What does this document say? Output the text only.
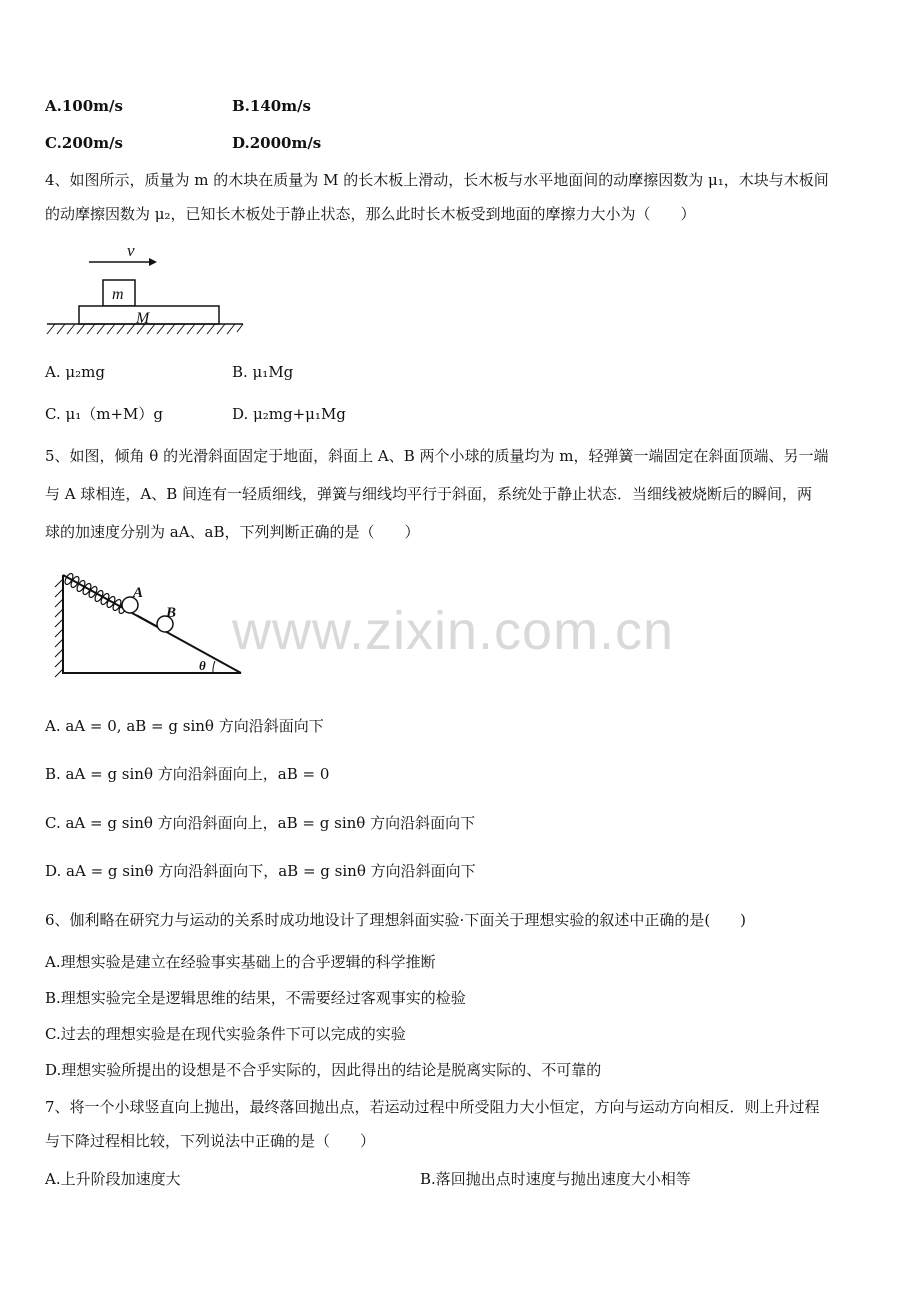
A.100m/s	B.140m/s
C.200m/s	D.2000m/s
4、如图所示，质量为 m 的木块在质量为 M 的长木板上滑动，长木板与水平地面间的动摩擦因数为 μ₁，木块与木板间
的动摩擦因数为 μ₂，已知长木板处于静止状态，那么此时长木板受到地面的摩擦力大小为（　　）
v
m
M
A. μ₂mg	B. μ₁Mg
C. μ₁（m+M）g	D. μ₂mg+μ₁Mg
5、如图，倾角 θ 的光滑斜面固定于地面，斜面上 A、B 两个小球的质量均为 m，轻弹簧一端固定在斜面顶端、另一端
与 A 球相连，A、B 间连有一轻质细线，弹簧与细线均平行于斜面，系统处于静止状态．当细线被烧断后的瞬间，两
球的加速度分别为 aA、aB，下列判断正确的是（　　）
A
B
θ
www.zixin.com.cn
A. aA = 0, aB = g sinθ 方向沿斜面向下
B. aA = g sinθ 方向沿斜面向上，aB = 0
C. aA = g sinθ 方向沿斜面向上，aB = g sinθ 方向沿斜面向下
D. aA = g sinθ 方向沿斜面向下，aB = g sinθ 方向沿斜面向下
6、伽利略在研究力与运动的关系时成功地设计了理想斜面实验·下面关于理想实验的叙述中正确的是(　　)
A.理想实验是建立在经验事实基础上的合乎逻辑的科学推断
B.理想实验完全是逻辑思维的结果，不需要经过客观事实的检验
C.过去的理想实验是在现代实验条件下可以完成的实验
D.理想实验所提出的设想是不合乎实际的，因此得出的结论是脱离实际的、不可靠的
7、将一个小球竖直向上抛出，最终落回抛出点，若运动过程中所受阻力大小恒定，方向与运动方向相反．则上升过程
与下降过程相比较，下列说法中正确的是（　　）
A.上升阶段加速度大	B.落回抛出点时速度与抛出速度大小相等
